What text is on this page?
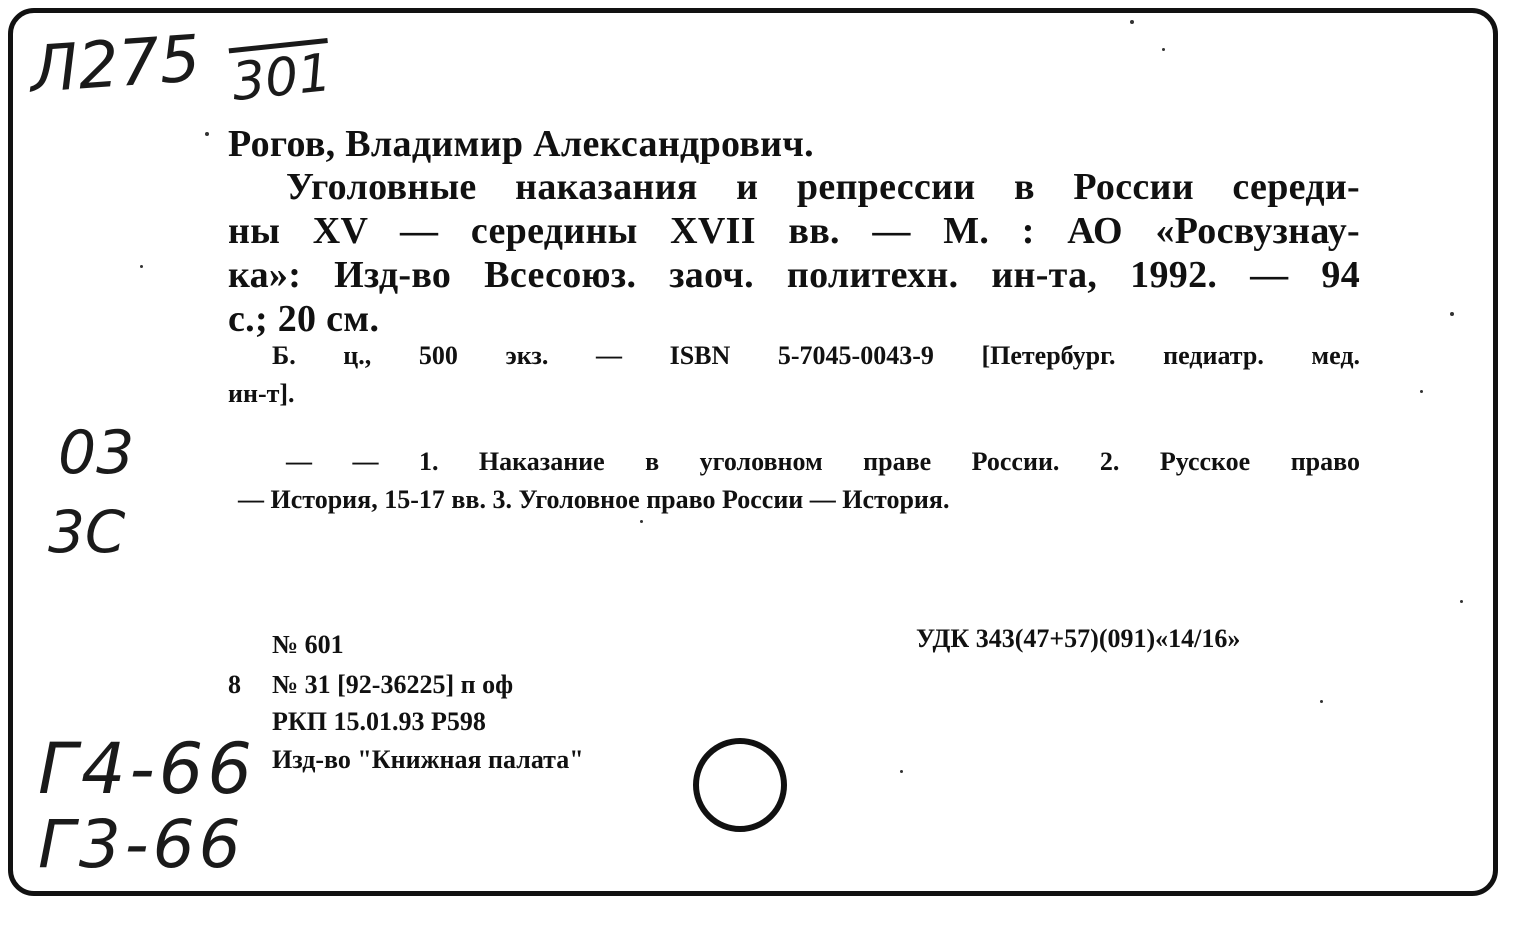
Л275 301
03
3С
Г4-66
Г3-66
Рогов, Владимир Александрович.
Уголовные наказания и репрессии в России середи-
ны XV — середины XVII вв. — М. : АО «Росвузнау-
ка»: Изд-во Всесоюз. заоч. политехн. ин-та, 1992. — 94
с.; 20 см.
Б. ц., 500 экз. — ISBN 5-7045-0043-9 [Петербург. педиатр. мед.
ин-т].
— — 1. Наказание в уголовном праве России. 2. Русское право
— История, 15-17 вв. 3. Уголовное право России — История.
№ 601	УДК 343(47+57)(091)«14/16»
8 № 31 [92-36225] п оф
РКП 15.01.93 Р598
Изд-во "Книжная палата"
